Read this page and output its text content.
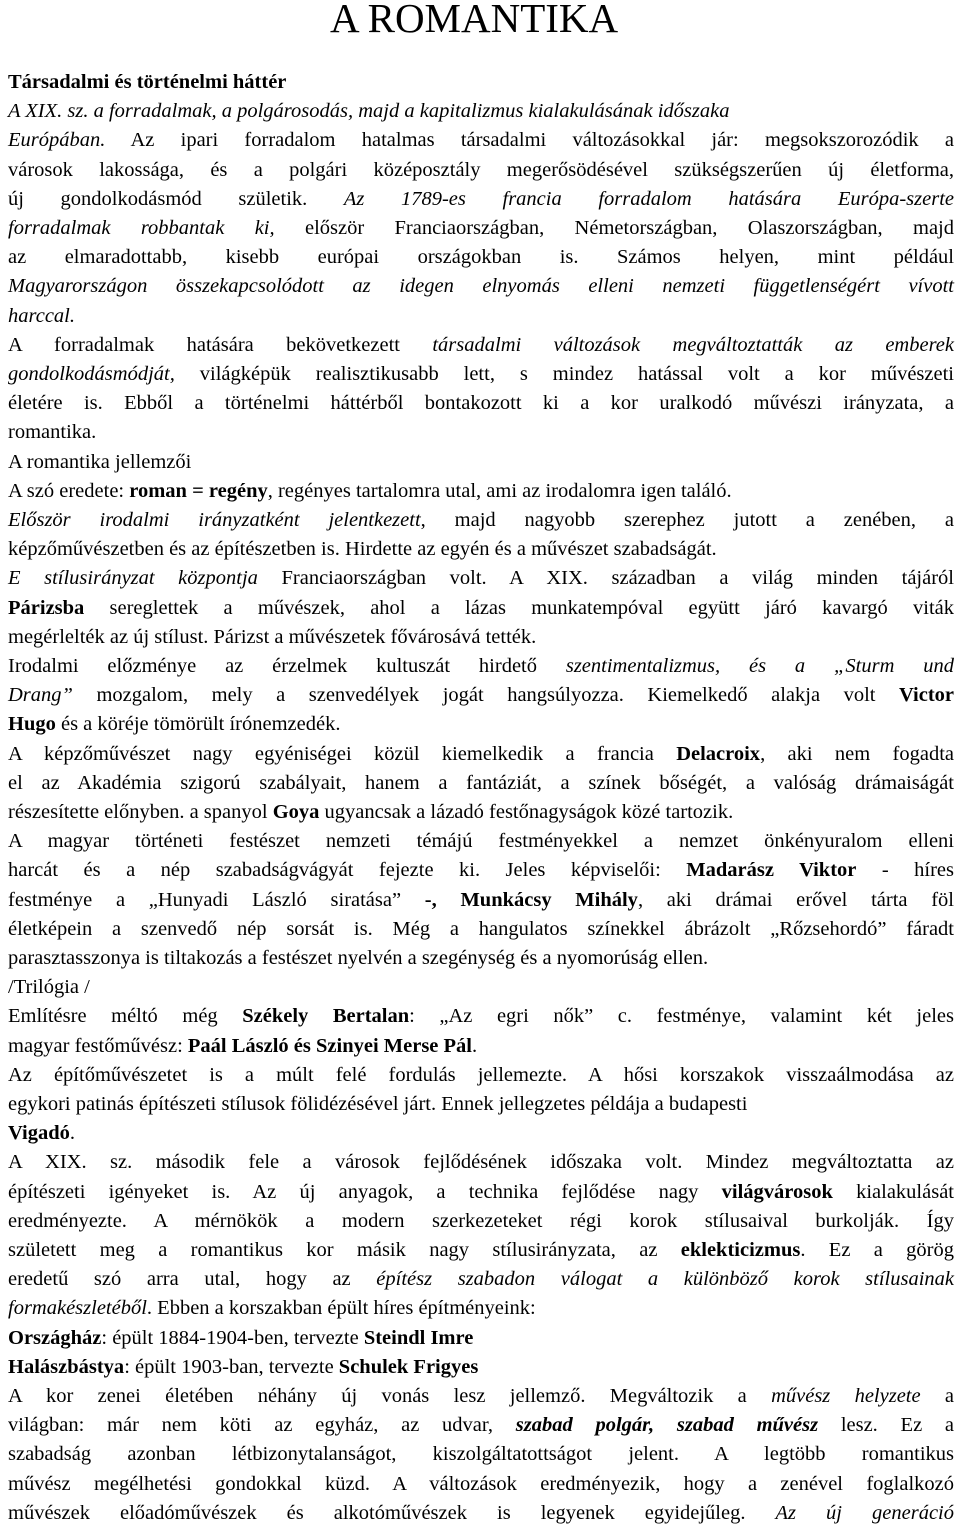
A ROMANTIKA
Társadalmi és történelmi háttér
A XIX. sz. a forradalmak, a polgárosodás, majd a kapitalizmus kialakulásának időszaka
Európában. Az ipari forradalom hatalmas társadalmi változásokkal jár: megsokszorozódik a
városok lakossága, és a polgári középosztály megerősödésével szükségszerűen új életforma,
új gondolkodásmód születik. Az 1789-es francia forradalom hatására Európa-szerte
forradalmak robbantak ki, először Franciaországban, Németországban, Olaszországban, majd
az elmaradottabb, kisebb európai országokban is. Számos helyen, mint például
Magyarországon összekapcsolódott az idegen elnyomás elleni nemzeti függetlenségért vívott
harccal.
A forradalmak hatására bekövetkezett társadalmi változások megváltoztatták az emberek
gondolkodásmódját, világképük realisztikusabb lett, s mindez hatással volt a kor művészeti
életére is. Ebből a történelmi háttérből bontakozott ki a kor uralkodó művészi irányzata, a
romantika.
A romantika jellemzői
A szó eredete: roman = regény, regényes tartalomra utal, ami az irodalomra igen találó.
Először irodalmi irányzatként jelentkezett, majd nagyobb szerephez jutott a zenében, a
képzőművészetben és az építészetben is. Hirdette az egyén és a művészet szabadságát.
E stílusirányzat központja Franciaországban volt. A XIX. században a világ minden tájáról
Párizsba sereglettek a művészek, ahol a lázas munkatempóval együtt járó kavargó viták
megérlelték az új stílust. Párizst a művészetek fővárosává tették.
Irodalmi előzménye az érzelmek kultuszát hirdető szentimentalizmus, és a „Sturm und
Drang” mozgalom, mely a szenvedélyek jogát hangsúlyozza. Kiemelkedő alakja volt Victor
Hugo és a köréje tömörült írónemzedék.
A képzőművészet nagy egyéniségei közül kiemelkedik a francia Delacroix, aki nem fogadta
el az Akadémia szigorú szabályait, hanem a fantáziát, a színek bőségét, a valóság drámaiságát
részesítette előnyben. a spanyol Goya ugyancsak a lázadó festőnagyságok közé tartozik.
A magyar történeti festészet nemzeti témájú festményekkel a nemzet önkényuralom elleni
harcát és a nép szabadságvágyát fejezte ki. Jeles képviselői: Madarász Viktor - híres
festménye a „Hunyadi László siratása” -, Munkácsy Mihály, aki drámai erővel tárta föl
életképein a szenvedő nép sorsát is. Még a hangulatos színekkel ábrázolt „Rőzsehordó” fáradt
parasztasszonya is tiltakozás a festészet nyelvén a szegénység és a nyomorúság ellen.
/Trilógia /
Említésre méltó még Székely Bertalan: „Az egri nők” c. festménye, valamint két jeles
magyar festőművész: Paál László és Szinyei Merse Pál.
Az építőművészetet is a múlt felé fordulás jellemezte. A hősi korszakok visszaálmodása az
egykori patinás építészeti stílusok fölidézésével járt. Ennek jellegzetes példája a budapesti
Vigadó.
A XIX. sz. második fele a városok fejlődésének időszaka volt. Mindez megváltoztatta az
építészeti igényeket is. Az új anyagok, a technika fejlődése nagy világvárosok kialakulását
eredményezte. A mérnökök a modern szerkezeteket régi korok stílusaival burkolják. Így
született meg a romantikus kor másik nagy stílusirányzata, az eklekticizmus. Ez a görög
eredetű szó arra utal, hogy az építész szabadon válogat a különböző korok stílusainak
formakészletéből. Ebben a korszakban épült híres építményeink:
Országház: épült 1884-1904-ben, tervezte Steindl Imre
Halászbástya: épült 1903-ban, tervezte Schulek Frigyes
A kor zenei életében néhány új vonás lesz jellemző. Megváltozik a művész helyzete a
világban: már nem köti az egyház, az udvar, szabad polgár, szabad művész lesz. Ez a
szabadság azonban létbizonytalanságot, kiszolgáltatottságot jelent. A legtöbb romantikus
művész megélhetési gondokkal küzd. A változások eredményezik, hogy a zenével foglalkozó
művészek előadóművészek és alkotóművészek is legyenek egyidejűleg. Az új generáció
